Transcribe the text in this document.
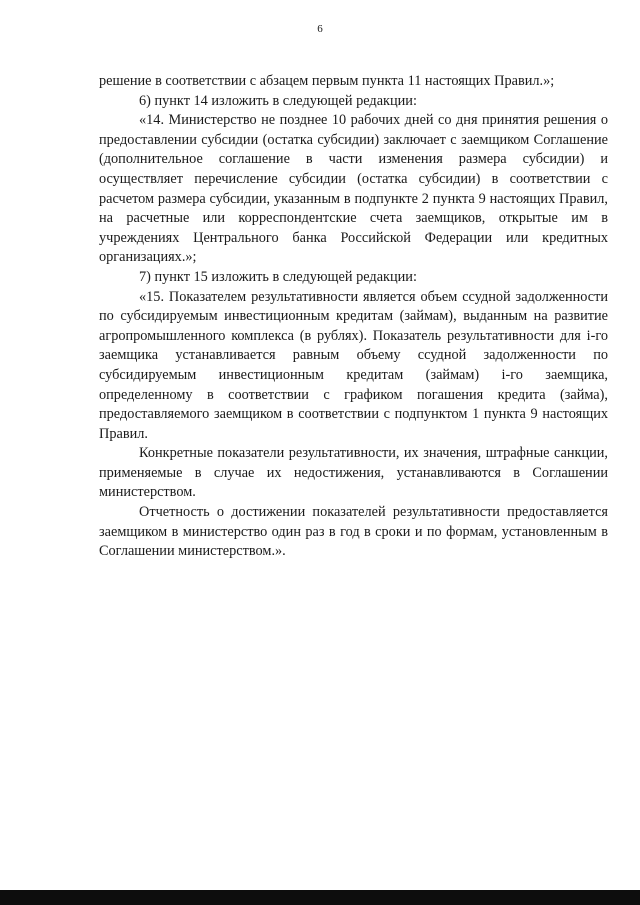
6

решение в соответствии с абзацем первым пункта 11 настоящих Правил.»;

6) пункт 14 изложить в следующей редакции:

«14. Министерство не позднее 10 рабочих дней со дня принятия решения о предоставлении субсидии (остатка субсидии) заключает с заемщиком Соглашение (дополнительное соглашение в части изменения размера субсидии) и осуществляет перечисление субсидии (остатка субсидии) в соответствии с расчетом размера субсидии, указанным в подпункте 2 пункта 9 настоящих Правил, на расчетные или корреспондентские счета заемщиков, открытые им в учреждениях Центрального банка Российской Федерации или кредитных организациях.»;

7) пункт 15 изложить в следующей редакции:

«15. Показателем результативности является объем ссудной задолженности по субсидируемым инвестиционным кредитам (займам), выданным на развитие агропромышленного комплекса (в рублях). Показатель результативности для i-го заемщика устанавливается равным объему ссудной задолженности по субсидируемым инвестиционным кредитам (займам) i-го заемщика, определенному в соответствии с графиком погашения кредита (займа), предоставляемого заемщиком в соответствии с подпунктом 1 пункта 9 настоящих Правил.

Конкретные показатели результативности, их значения, штрафные санкции, применяемые в случае их недостижения, устанавливаются в Соглашении министерством.

Отчетность о достижении показателей результативности предоставляется заемщиком в министерство один раз в год в сроки и по формам, установленным в Соглашении министерством.».
